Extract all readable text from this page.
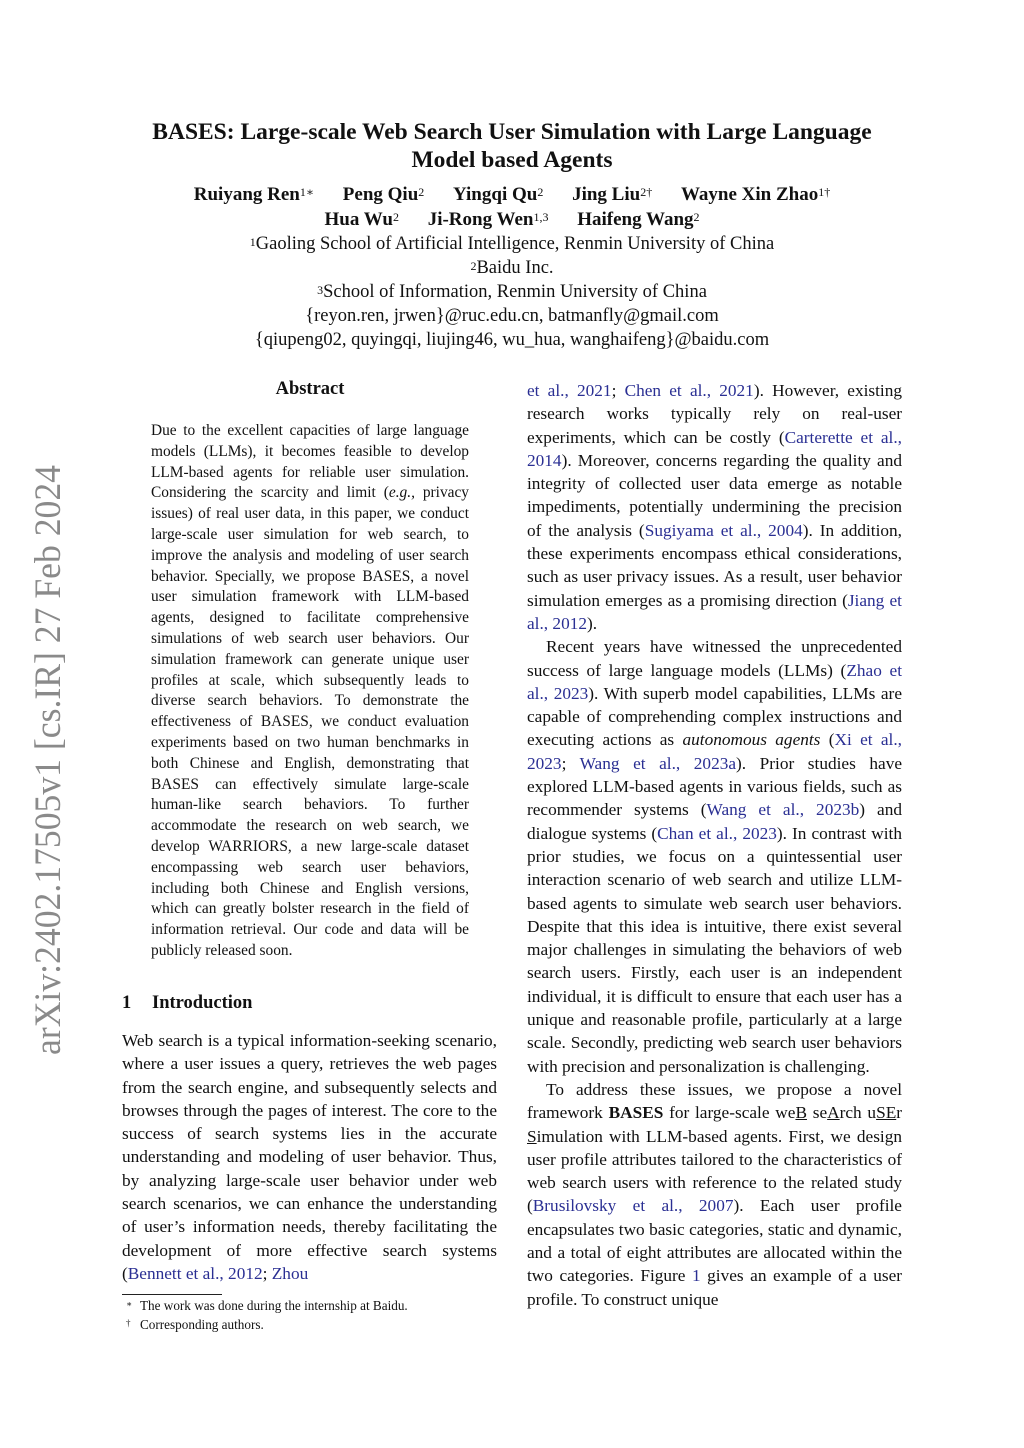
arXiv:2402.17505v1 [cs.IR] 27 Feb 2024
BASES: Large-scale Web Search User Simulation with Large Language
Model based Agents
Ruiyang Ren$^{1∗}$ Peng Qiu$^2$ Yingqi Qu$^2$ Jing Liu$^{2\dagger}$ Wayne Xin Zhao$^{1\dagger}$
Hua Wu$^2$ Ji-Rong Wen$^{1,3}$ Haifeng Wang$^2$
$^1$Gaoling School of Artificial Intelligence, Renmin University of China
$^2$Baidu Inc.
$^3$School of Information, Renmin University of China
{reyon.ren, jrwen}@ruc.edu.cn, batmanfly@gmail.com
{qiupeng02, quyingqi, liujing46, wu_hua, wanghaifeng}@baidu.com
Abstract
Due to the excellent capacities of large language models (LLMs), it becomes feasible to develop LLM-based agents for reliable user simulation. Considering the scarcity and limit (e.g., privacy issues) of real user data, in this paper, we conduct large-scale user simulation for web search, to improve the analysis and modeling of user search behavior. Specially, we propose BASES, a novel user simulation framework with LLM-based agents, designed to facilitate comprehensive simulations of web search user behaviors. Our simulation framework can generate unique user profiles at scale, which subsequently leads to diverse search behaviors. To demonstrate the effectiveness of BASES, we conduct evaluation experiments based on two human benchmarks in both Chinese and English, demonstrating that BASES can effectively simulate large-scale human-like search behaviors. To further accommodate the research on web search, we develop WARRIORS, a new large-scale dataset encompassing web search user behaviors, including both Chinese and English versions, which can greatly bolster research in the field of information retrieval. Our code and data will be publicly released soon.
1 Introduction

Web search is a typical information-seeking scenario, where a user issues a query, retrieves the web pages from the search engine, and subsequently selects and browses through the pages of interest. The core to the success of search systems lies in the accurate understanding and modeling of user behavior. Thus, by analyzing large-scale user behavior under web search scenarios, we can enhance the understanding of user’s information needs, thereby facilitating the development of more effective search systems (Bennett et al., 2012; Zhou

et al., 2021; Chen et al., 2021). However, existing research works typically rely on real-user experiments, which can be costly (Carterette et al., 2014). Moreover, concerns regarding the quality and integrity of collected user data emerge as notable impediments, potentially undermining the precision of the analysis (Sugiyama et al., 2004). In addition, these experiments encompass ethical considerations, such as user privacy issues. As a result, user behavior simulation emerges as a promising direction (Jiang et al., 2012).

Recent years have witnessed the unprecedented success of large language models (LLMs) (Zhao et al., 2023). With superb model capabilities, LLMs are capable of comprehending complex instructions and executing actions as autonomous agents (Xi et al., 2023; Wang et al., 2023a). Prior studies have explored LLM-based agents in various fields, such as recommender systems (Wang et al., 2023b) and dialogue systems (Chan et al., 2023). In contrast with prior studies, we focus on a quintessential user interaction scenario of web search and utilize LLM-based agents to simulate web search user behaviors. Despite that this idea is intuitive, there exist several major challenges in simulating the behaviors of web search users. Firstly, each user is an independent individual, it is difficult to ensure that each user has a unique and reasonable profile, particularly at a large scale. Secondly, predicting web search user behaviors with precision and personalization is challenging.

To address these issues, we propose a novel framework BASES for large-scale weB seArch uSEr Simulation with LLM-based agents. First, we design user profile attributes tailored to the characteristics of web search users with reference to the related study (Brusilovsky et al., 2007). Each user profile encapsulates two basic categories, static and dynamic, and a total of eight attributes are allocated within the two categories. Figure 1 gives an example of a user profile. To construct unique

∗ The work was done during the internship at Baidu.
† Corresponding authors.
